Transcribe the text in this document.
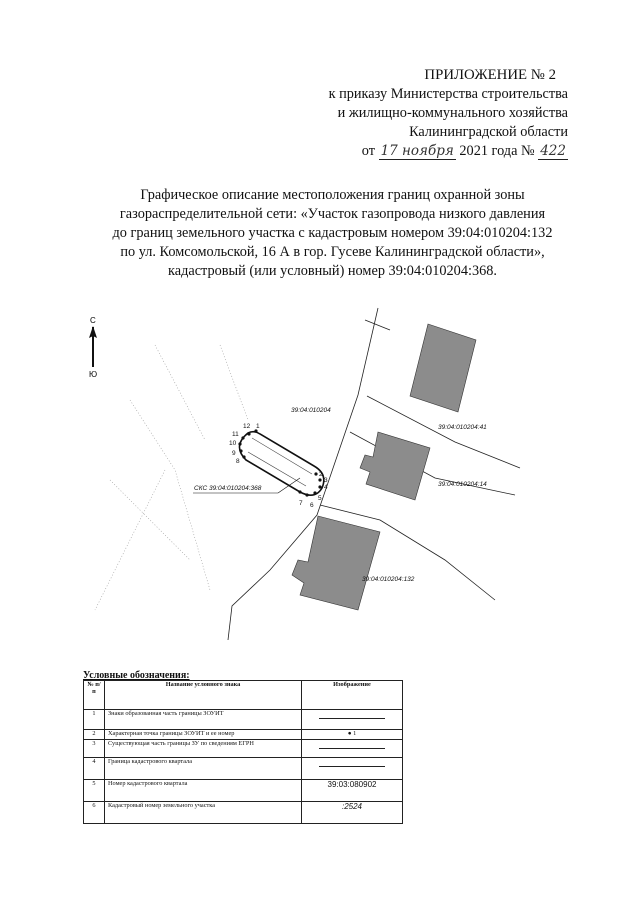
ПРИЛОЖЕНИЕ № 2
к приказу Министерства строительства
и жилищно-коммунального хозяйства
Калининградской области
от 17 ноября 2021 года № 422
Графическое описание местоположения границ охранной зоны
газораспределительной сети: «Участок газопровода низкого давления
до границ земельного участка с кадастровым номером 39:04:010204:132
по ул. Комсомольской, 16 А в гор. Гусеве Калининградской области»,
кадастровый (или условный) номер 39:04:010204:368.
С
Ю
12 1
11
10
9
8
2
3
4
5
6
7
39:04:010204
39:04:010204:41
39:04:010204:14
39:04:010204:132
СКС 39:04:010204:368
Условные обозначения:
№ п/ п	Название условного знака	Изображение
1	Знаки образованная часть границы ЗОУИТ	
2	Характерная точка границы ЗОУИТ и ее номер	● 1
3	Существующая часть границы ЗУ по сведениям ЕГРН	
4	Граница кадастрового квартала	
5	Номер кадастрового квартала	39:03:080902
6	Кадастровый номер земельного участка	:2524
